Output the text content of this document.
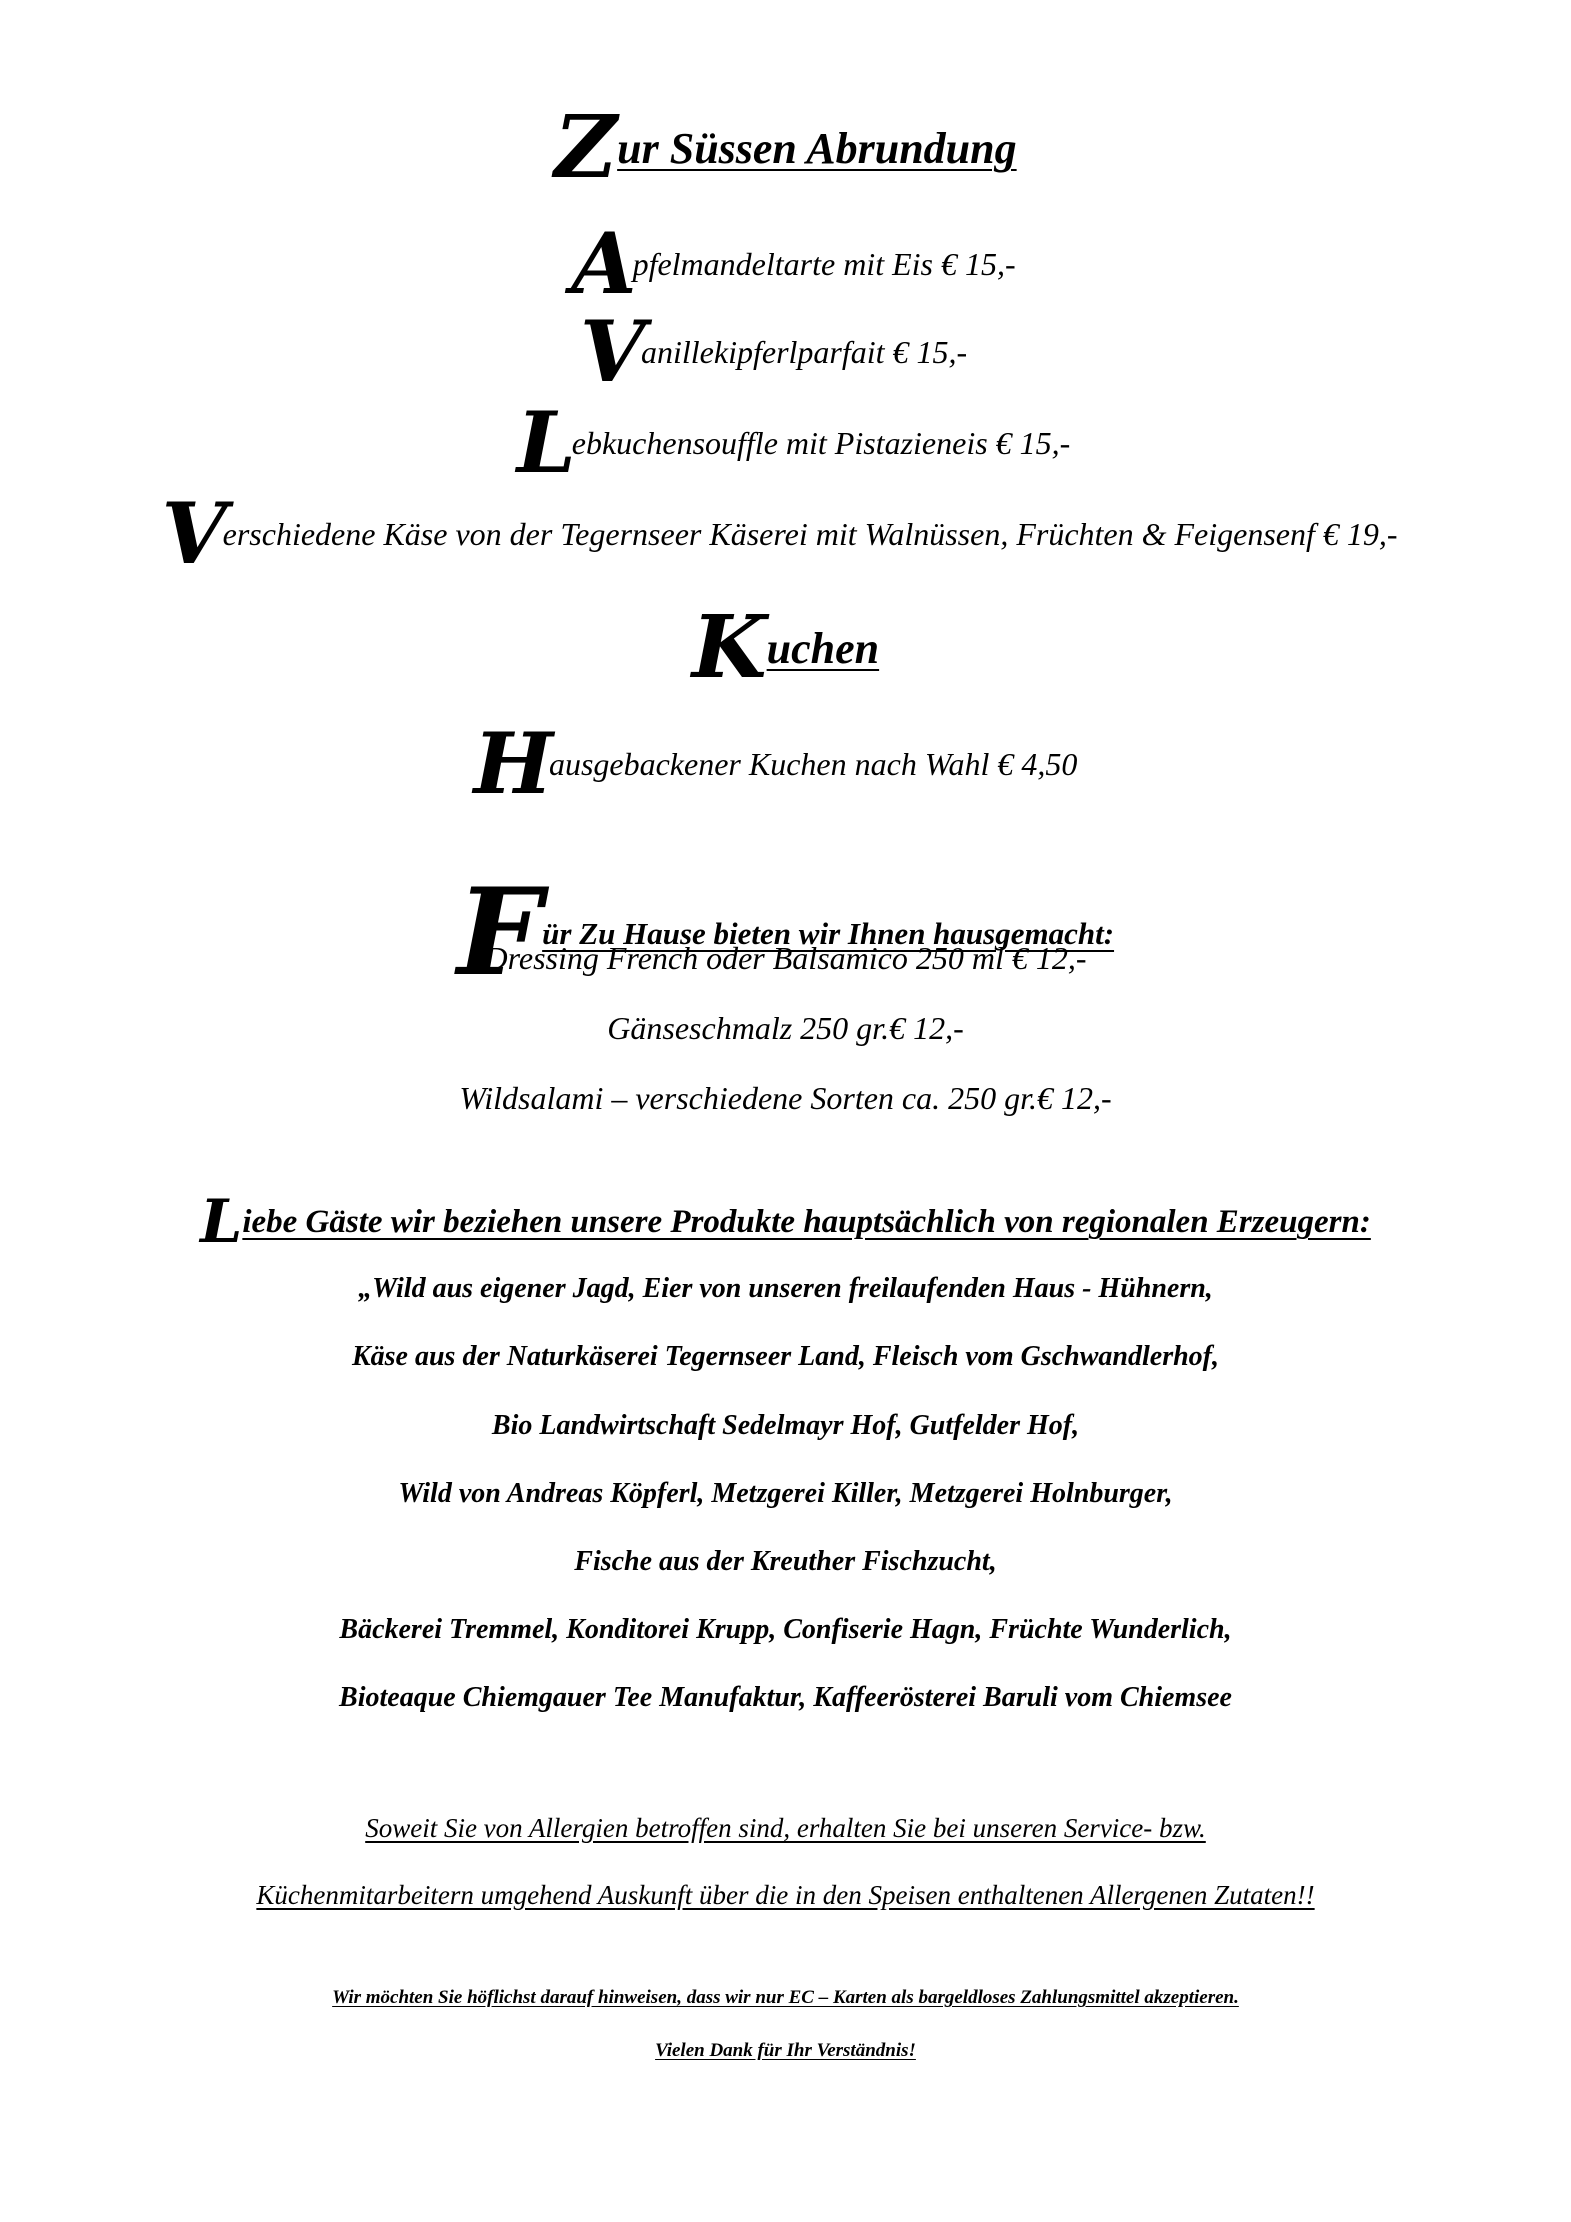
Zur Süssen Abrundung
Apfelmandeltarte mit Eis € 15,-
Vanillekipferlparfait € 15,-
Lebkuchensouffle mit Pistazieneis € 15,-
Verschiedene Käse von der Tegernseer Käserei mit Walnüssen, Früchten & Feigensenf € 19,-
Kuchen
Hausgebackener Kuchen nach Wahl € 4,50
Für Zu Hause bieten wir Ihnen hausgemacht:
Dressing French oder Balsamico 250 ml € 12,-
Gänseschmalz 250 gr.€ 12,-
Wildsalami – verschiedene Sorten ca. 250 gr.€ 12,-
Liebe Gäste wir beziehen unsere Produkte hauptsächlich von regionalen Erzeugern:
„Wild aus eigener Jagd, Eier von unseren freilaufenden Haus - Hühnern,
Käse aus der Naturkäserei Tegernseer Land, Fleisch vom Gschwandlerhof,
Bio Landwirtschaft Sedelmayr Hof, Gutfelder Hof,
Wild von Andreas Köpferl, Metzgerei Killer, Metzgerei Holnburger,
Fische aus der Kreuther Fischzucht,
Bäckerei Tremmel, Konditorei Krupp, Confiserie Hagn, Früchte Wunderlich,
Bioteaque Chiemgauer Tee Manufaktur, Kaffeerösterei Baruli vom Chiemsee
Soweit Sie von Allergien betroffen sind, erhalten Sie bei unseren Service- bzw.
Küchenmitarbeitern umgehend Auskunft über die in den Speisen enthaltenen Allergenen Zutaten!!
Wir möchten Sie höflichst darauf hinweisen, dass wir nur EC – Karten als bargeldloses Zahlungsmittel akzeptieren.
Vielen Dank für Ihr Verständnis!
